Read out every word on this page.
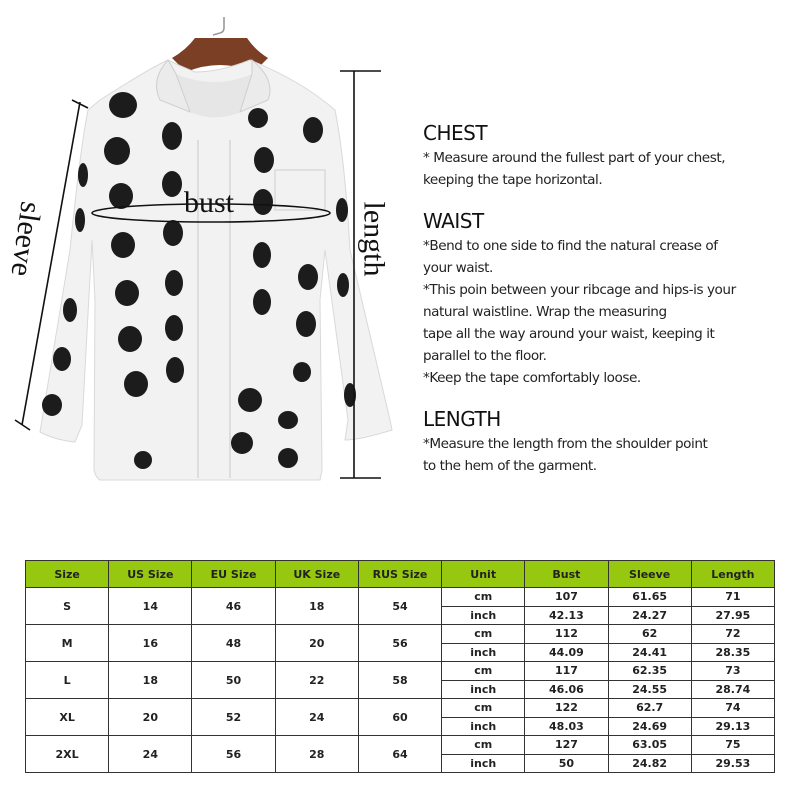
bust
sleeve	length
CHEST

* Measure around the fullest part of your chest,

keeping the tape horizontal.

WAIST

*Bend to one side to find the natural crease of

your waist.

*This poin between your ribcage and hips-is your

natural waistline. Wrap the measuring

tape all the way around your waist, keeping it

parallel to the floor.

*Keep the tape comfortably loose.

LENGTH

*Measure the length from the shoulder point

to the hem of the garment.

Size	US Size	EU Size	UK Size	RUS Size	Unit	Bust	Sleeve	Length
S	14	46	18	54	cm	107	61.65	71
					inch	42.13	24.27	27.95
M	16	48	20	56	cm	112	62	72
					inch	44.09	24.41	28.35
L	18	50	22	58	cm	117	62.35	73
					inch	46.06	24.55	28.74
XL	20	52	24	60	cm	122	62.7	74
					inch	48.03	24.69	29.13
2XL	24	56	28	64	cm	127	63.05	75
					inch	50	24.82	29.53
